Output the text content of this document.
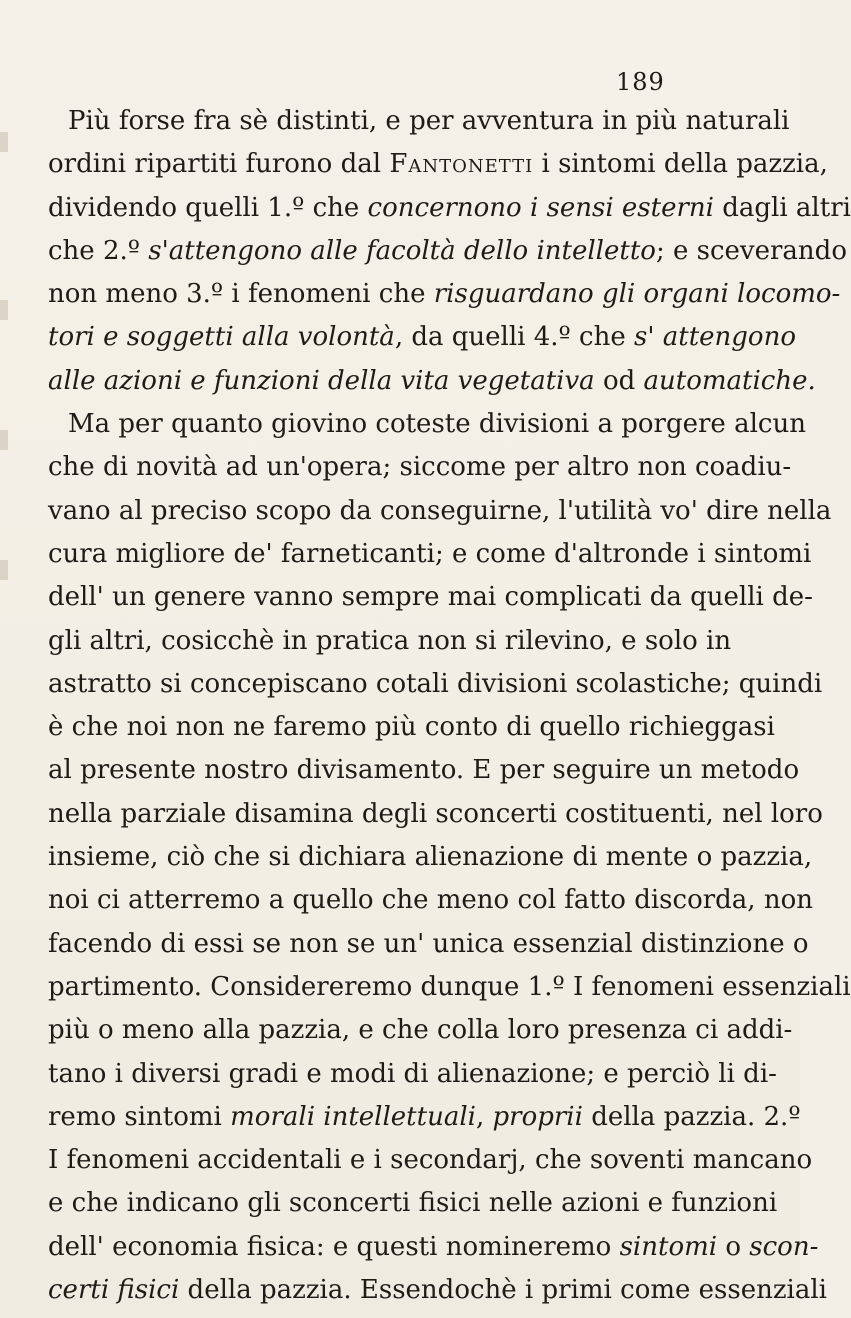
189
Più forse fra sè distinti, e per avventura in più naturali
ordini ripartiti furono dal Fantonetti i sintomi della pazzia,
dividendo quelli 1.º che concernono i sensi esterni dagli altri
che 2.º s'attengono alle facoltà dello intelletto; e sceverando
non meno 3.º i fenomeni che risguardano gli organi locomo-
tori e soggetti alla volontà, da quelli 4.º che s' attengono
alle azioni e funzioni della vita vegetativa od automatiche.
Ma per quanto giovino coteste divisioni a porgere alcun
che di novità ad un'opera; siccome per altro non coadiu-
vano al preciso scopo da conseguirne, l'utilità vo' dire nella
cura migliore de' farneticanti; e come d'altronde i sintomi
dell' un genere vanno sempre mai complicati da quelli de-
gli altri, cosicchè in pratica non si rilevino, e solo in
astratto si concepiscano cotali divisioni scolastiche; quindi
è che noi non ne faremo più conto di quello richieggasi
al presente nostro divisamento. E per seguire un metodo
nella parziale disamina degli sconcerti costituenti, nel loro
insieme, ciò che si dichiara alienazione di mente o pazzia,
noi ci atterremo a quello che meno col fatto discorda, non
facendo di essi se non se un' unica essenzial distinzione o
partimento. Considereremo dunque 1.º I fenomeni essenziali
più o meno alla pazzia, e che colla loro presenza ci addi-
tano i diversi gradi e modi di alienazione; e perciò li di-
remo sintomi morali intellettuali, proprii della pazzia. 2.º
I fenomeni accidentali e i secondarj, che soventi mancano
e che indicano gli sconcerti fisici nelle azioni e funzioni
dell' economia fisica: e questi nomineremo sintomi o scon-
certi fisici della pazzia. Essendochè i primi come essenziali
